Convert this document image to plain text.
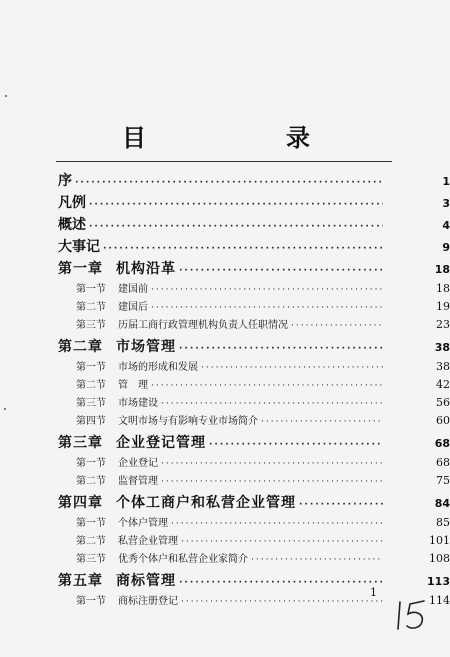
目　录
序 ·····	1
凡例 ·····	3
概述 ·····	4
大事记 ·····	9
第一章 机构沿革 ·····	18
第一节	建国前 ·····	18
第二节	建国后 ·····	19
第三节	历届工商行政管理机构负责人任职情况 ·····	23
第二章 市场管理 ·····	38
第一节	市场的形成和发展 ·····	38
第二节	管　理 ·····	42
第三节	市场建设 ·····	56
第四节	文明市场与有影响专业市场简介 ·····	60
第三章 企业登记管理 ·····	68
第一节	企业登记 ·····	68
第二节	监督管理 ·····	75
第四章 个体工商户和私营企业管理 ·····	84
第一节	个体户管理 ·····	85
第二节	私营企业管理 ·····	101
第三节	优秀个体户和私营企业家简介 ·····	108
第五章 商标管理 ·····	113
第一节	商标注册登记 ·····	114
1
